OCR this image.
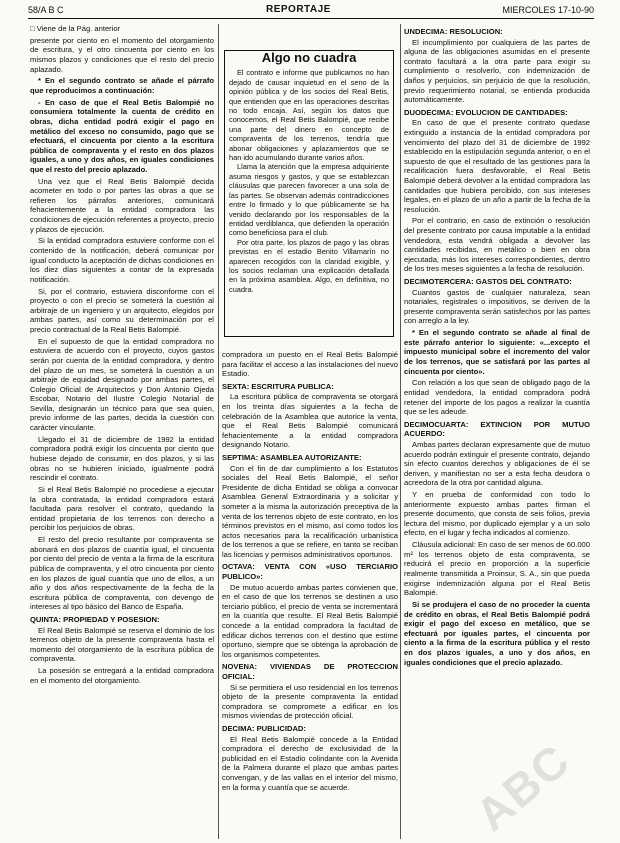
58/A B C	REPORTAJE	MIERCOLES 17-10-90

□ Viene de la Pág. anterior

presente por ciento en el momento del otorgamiento de escritura, y el otro cincuenta por ciento en los mismos plazos y condiciones que el resto del precio aplazado.

* En el segundo contrato se añade el párrafo que reproducimos a continuación:

- En caso de que el Real Betis Balompié no consumiera totalmente la cuenta de crédito en obras, dicha entidad podrá exigir el pago en metálico del exceso no consumido, pago que se efectuará, el cincuenta por ciento a la escritura pública de compraventa y el resto en dos plazos iguales, a uno y dos años, en iguales condiciones que el resto del precio aplazado.

Una vez que el Real Betis Balompié decida acometer en todo o por partes las obras a que se refieren los párrafos anteriores, comunicará fehacientemente a la entidad compradora las condiciones de ejecución referentes a proyecto, precio y plazos de ejecución.

Si la entidad compradora estuviere conforme con el contenido de la notificación, deberá comunicar por igual conducto la aceptación de dichas condiciones en los diez días siguientes a contar de la expresada notificación.

Si, por el contrario, estuviera disconforme con el proyecto o con el precio se someterá la cuestión al arbitraje de un ingeniero y un arquitecto, elegidos por ambas partes, así como su determinación por el precio contractual de la Real Betis Balompié.

En el supuesto de que la entidad compradora no estuviera de acuerdo con el proyecto, cuyos gastos serán por cuenta de la entidad compradora, y dentro del plazo de un mes, se someterá la cuestión a un arbitraje de equidad designado por ambas partes, el Colegio Oficial de Arquitectos y Don Antonio Ojeda Escobar, Notario del Ilustre Colegio Notarial de Sevilla, designarán un técnico para que sea quien, previo informe de las partes, decida la cuestión con carácter vinculante.

Llegado el 31 de diciembre de 1992 la entidad compradora podrá exigir los cincuenta por ciento que hubiese dejado de consumir, en dos plazos, y si las obras no se hubieren iniciado, igualmente podrá rescindir el contrato.

Si el Real Betis Balompié no procediese a ejecutar la obra contratada, la entidad compradora estará facultada para resolver el contrato, quedando la entidad propietaria de los terrenos con derecho a percibir los perjuicios de obras.

El resto del precio resultante por compraventa se abonará en dos plazos de cuantía igual, el cincuenta por ciento del precio de venta a la firma de la escritura pública de compraventa, y el otro cincuenta por ciento en los plazos de igual cuantía que uno de ellos, a un año y dos años respectivamente de la fecha de la escritura pública de compraventa, con devengo de intereses al tipo básico del Banco de España.

QUINTA: PROPIEDAD Y POSESION:

El Real Betis Balompié se reserva el dominio de los terrenos objeto de la presente compraventa hasta el momento del otorgamiento de la escritura pública de compraventa.

La posesión se entregará a la entidad compradora en el momento del otorgamiento.

Algo no cuadra

El contrato e informe que publicamos no han dejado de causar inquietud en el seno de la opinión pública y de los socios del Real Betis, que entienden que en las operaciones descritas no todo encaja. Así, según los datos que conocemos, el Real Betis Balompié, que recibe una parte del dinero en concepto de compraventa de los terrenos, tendría que abonar obligaciones y aplazamientos que se han ido acumulando durante varios años.

Llama la atención que la empresa adquiriente asuma riesgos y gastos, y que se establezcan cláusulas que parecen favorecer a una sola de las partes. Se observan además contradicciones entre lo firmado y lo que públicamente se ha venido declarando por los responsables de la entidad verdiblanca, que defienden la operación como beneficiosa para el club.

Por otra parte, los plazos de pago y las obras previstas en el estadio Benito Villamarín no aparecen recogidos con la claridad exigible, y los socios reclaman una explicación detallada en la próxima asamblea. Algo, en definitiva, no cuadra.

compradora un puesto en el Real Betis Balompié para facilitar el acceso a las instalaciones del nuevo Estadio.

SEXTA: ESCRITURA PUBLICA:

La escritura pública de compraventa se otorgará en los treinta días siguientes a la fecha de celebración de la Asamblea que autorice la venta, que el Real Betis Balompié comunicará fehacientemente a la entidad compradora designando Notario.

SEPTIMA: ASAMBLEA AUTORIZANTE:

Con el fin de dar cumplimiento a los Estatutos sociales del Real Betis Balompié, el señor Presidente de dicha Entidad se obliga a convocar Asamblea General Extraordinaria y a solicitar y someter a la misma la autorización preceptiva de la venta de los terrenos objeto de este contrato, en los términos previstos en el mismo, así como todos los actos necesarios para la recalificación urbanística de los terrenos a que se refiere, en tanto se reciban las licencias y permisos administrativos oportunos.

OCTAVA: VENTA CON «USO TERCIARIO PUBLICO»:

De mutuo acuerdo ambas partes convienen que, en el caso de que los terrenos se destinen a uso terciario público, el precio de venta se incrementará en la cuantía que resulte. El Real Betis Balompié concede a la entidad compradora la facultad de edificar dichos terrenos con el destino que estime oportuno, siempre que se obtenga la aprobación de los organismos competentes.

NOVENA: VIVIENDAS DE PROTECCION OFICIAL:

Si se permitiera el uso residencial en los terrenos objeto de la presente compraventa la entidad compradora se compromete a edificar en los mismos viviendas de protección oficial.

DECIMA: PUBLICIDAD:

El Real Betis Balompié concede a la Entidad compradora el derecho de exclusividad de la publicidad en el Estadio colindante con la Avenida de la Palmera durante el plazo que ambas partes convengan, y de las vallas en el interior del mismo, en la forma y cuantía que se acuerde.

UNDECIMA: RESOLUCION:

El incumplimiento por cualquiera de las partes de alguna de las obligaciones asumidas en el presente contrato facultará a la otra parte para exigir su cumplimiento o resolverlo, con indemnización de daños y perjuicios, sin perjuicio de que la resolución, previo requerimiento notarial, se entienda producida automáticamente.

DUODECIMA: EVOLUCION DE CANTIDADES:

En caso de que el presente contrato quedase extinguido a instancia de la entidad compradora por vencimiento del plazo del 31 de diciembre de 1992 establecido en la estipulación segunda anterior, o en el supuesto de que el resultado de las gestiones para la recalificación fuera desfavorable, el Real Betis Balompié deberá devolver a la entidad compradora las cantidades que hubiera percibido, con sus intereses legales, en el plazo de un año a partir de la fecha de la resolución.

Por el contrario, en caso de extinción o resolución del presente contrato por causa imputable a la entidad vendedora, esta vendrá obligada a devolver las cantidades recibidas, en metálico o bien en obra ejecutada, más los intereses correspondientes, dentro de los tres meses siguientes a la fecha de resolución.

DECIMOTERCERA: GASTOS DEL CONTRATO:

Cuantos gastos de cualquier naturaleza, sean notariales, registrales o impositivos, se deriven de la presente compraventa serán satisfechos por las partes con arreglo a la ley.

* En el segundo contrato se añade al final de este párrafo anterior lo siguiente: «...excepto el impuesto municipal sobre el incremento del valor de los terrenos, que se satisfará por las partes al cincuenta por ciento».

Con relación a los que sean de obligado pago de la entidad vendedora, la entidad compradora podrá retener del importe de los pagos a realizar la cuantía que se les adeude.

DECIMOCUARTA: EXTINCION POR MUTUO ACUERDO:

Ambas partes declaran expresamente que de mutuo acuerdo podrán extinguir el presente contrato, dejando sin efecto cuantos derechos y obligaciones de él se deriven, y manifiestan no ser a esta fecha deudora o acreedora de la otra por cantidad alguna.

Y en prueba de conformidad con todo lo anteriormente expuesto ambas partes firman el presente documento, que consta de seis folios, previa lectura del mismo, por duplicado ejemplar y a un solo efecto, en el lugar y fecha indicados al comienzo.

Cláusula adicional: En caso de ser menos de 60.000 m² los terrenos objeto de esta compraventa, se reducirá el precio en proporción a la superficie realmente transmitida a Proinsur, S. A., sin que pueda exigirse indemnización alguna por el Real Betis Balompié.

Si se produjera el caso de no proceder la cuenta de crédito en obras, el Real Betis Balompié podrá exigir el pago del exceso en metálico, que se efectuará por iguales partes, el cincuenta por ciento a la firma de la escritura pública y el resto en dos plazos iguales, a uno y dos años, en iguales condiciones que el precio aplazado.

ABC
